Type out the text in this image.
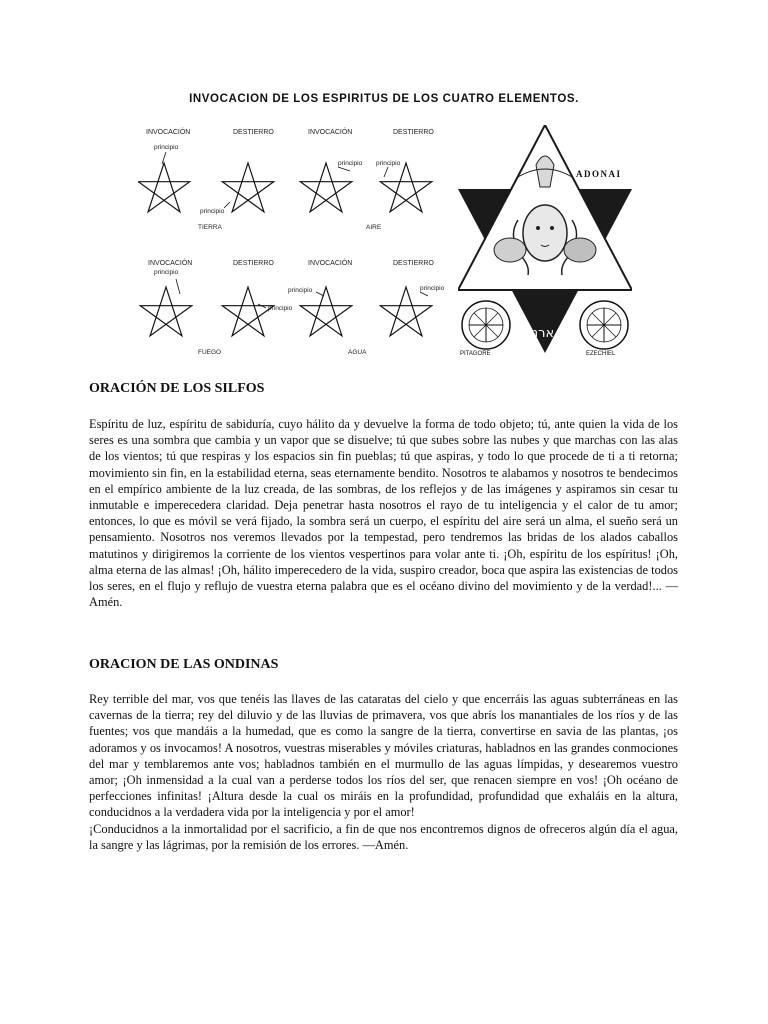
INVOCACION DE LOS ESPIRITUS DE LOS CUATRO ELEMENTOS.
INVOCACIÓN
principio
DESTIERRO
principio
INVOCACIÓN
principio
DESTIERRO
principio
TIERRA	AIRE
INVOCACIÓN
principio
DESTIERRO
principio
INVOCACIÓN
principio
DESTIERRO
principio
FUEGO	AGUA
ADONAI
PITAGORE	EZECHIEL
ארני
ORACIÓN DE LOS SILFOS

Espíritu de luz, espíritu de sabiduría, cuyo hálito da y devuelve la forma de todo objeto; tú, ante quien la vida de los seres es una sombra que cambia y un vapor que se disuelve; tú que subes sobre las nubes y que marchas con las alas de los vientos; tú que respiras y los espacios sin fin pueblas; tú que aspiras, y todo lo que procede de ti a ti retorna; movimiento sin fin, en la estabilidad eterna, seas eternamente bendito. Nosotros te alabamos y nosotros te bendecimos en el empírico ambiente de la luz creada, de las sombras, de los reflejos y de las imágenes y aspiramos sin cesar tu inmutable e imperecedera claridad. Deja penetrar hasta nosotros el rayo de tu inteligencia y el calor de tu amor; entonces, lo que es móvil se verá fijado, la sombra será un cuerpo, el espíritu del aire será un alma, el sueño será un pensamiento. Nosotros nos veremos llevados por la tempestad, pero tendremos las bridas de los alados caballos matutinos y dirigiremos la corriente de los vientos vespertinos para volar ante ti. ¡Oh, espíritu de los espíritus! ¡Oh, alma eterna de las almas! ¡Oh, hálito imperecedero de la vida, suspiro creador, boca que aspira las existencias de todos los seres, en el flujo y reflujo de vuestra eterna palabra que es el océano divino del movimiento y de la verdad!... — Amén.

ORACION DE LAS ONDINAS
Rey terrible del mar, vos que tenéis las llaves de las cataratas del cielo y que encerráis las aguas subterráneas en las cavernas de la tierra; rey del diluvio y de las lluvias de primavera, vos que abrís los manantiales de los ríos y de las fuentes; vos que mandáis a la humedad, que es como la sangre de la tierra, convertirse en savia de las plantas, ¡os adoramos y os invocamos! A nosotros, vuestras miserables y móviles criaturas, habladnos en las grandes conmociones del mar y temblaremos ante vos; habladnos también en el murmullo de las aguas límpidas, y desearemos vuestro amor; ¡Oh inmensidad a la cual van a perderse todos los ríos del ser, que renacen siempre en vos! ¡Oh océano de perfecciones infinitas! ¡Altura desde la cual os miráis en la profundidad, profundidad que exhaláis en la altura, conducidnos a la verdadera vida por la inteligencia y por el amor!
¡Conducidnos a la inmortalidad por el sacrificio, a fin de que nos encontremos dignos de ofreceros algún día el agua, la sangre y las lágrimas, por la remisión de los errores. —Amén.
